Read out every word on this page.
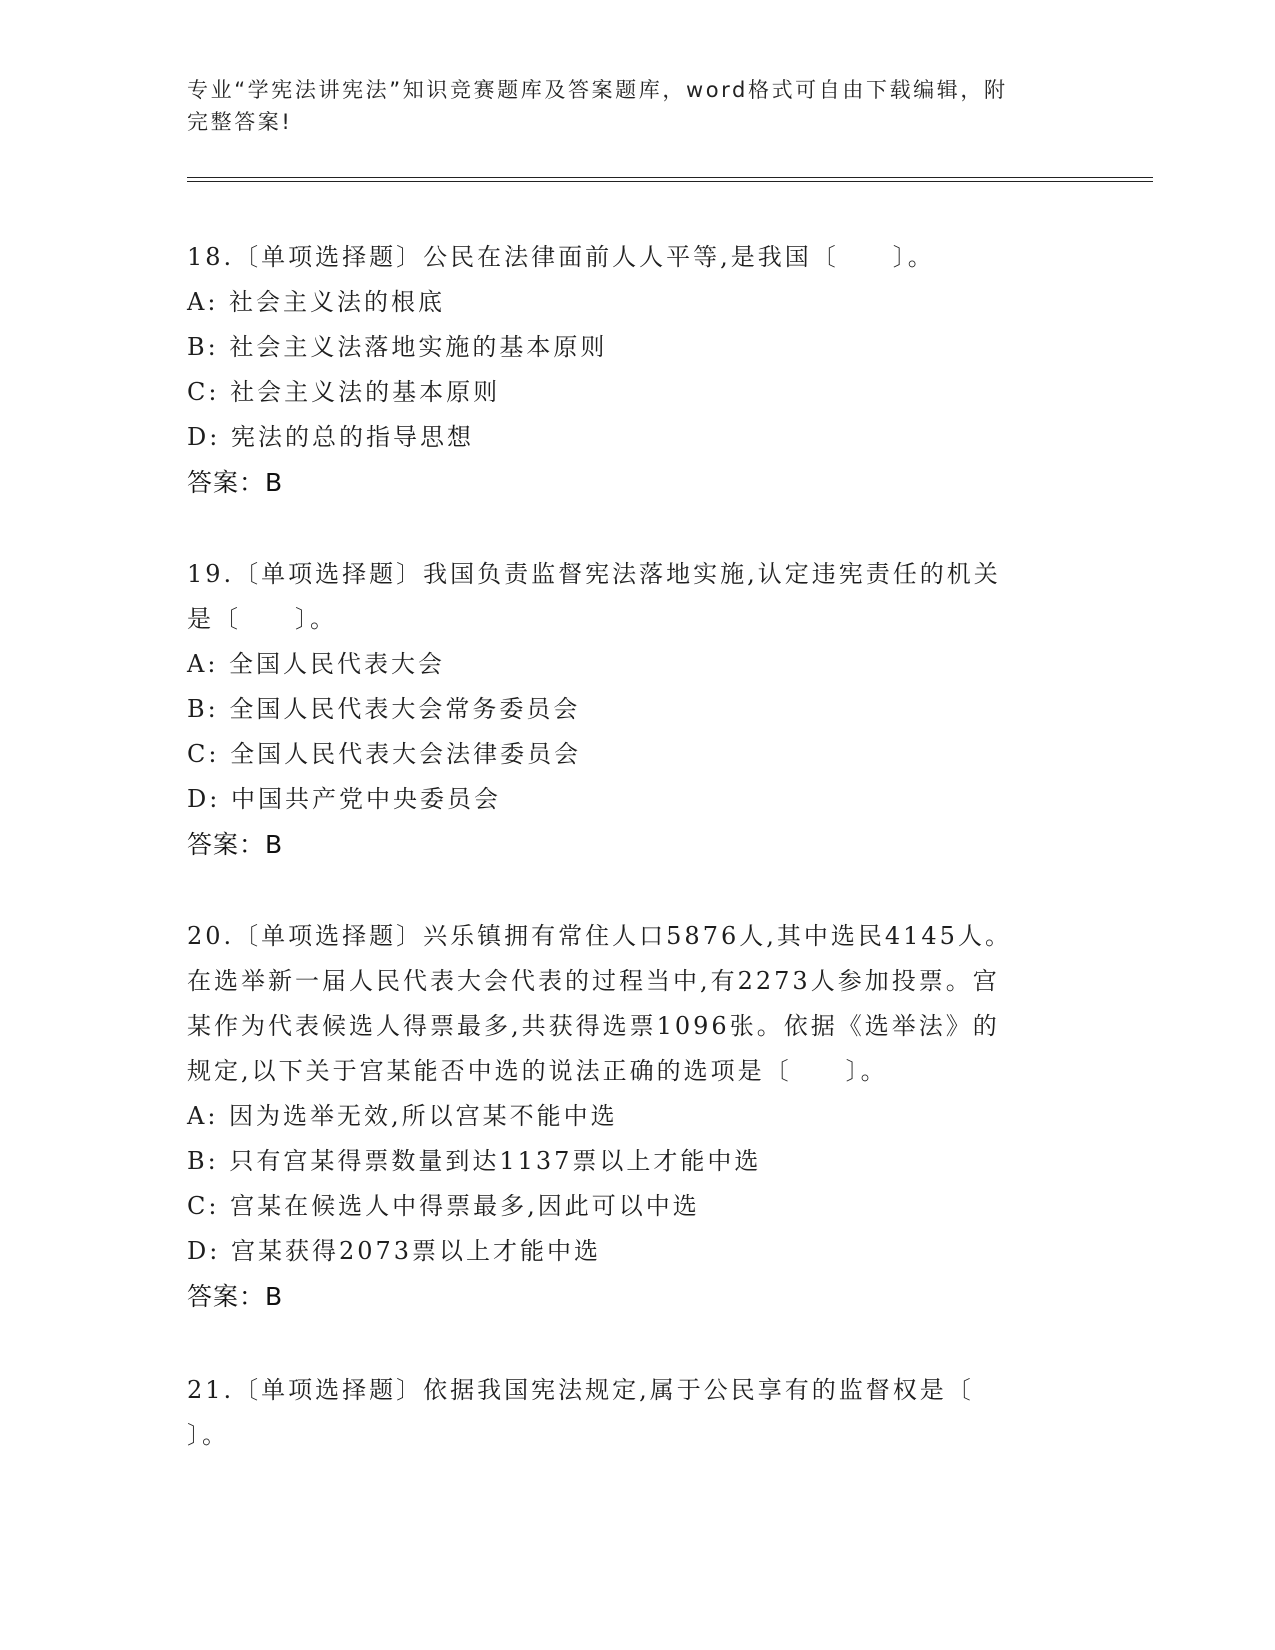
专业“学宪法讲宪法”知识竞赛题库及答案题库，word格式可自由下载编辑，附
完整答案!
18.〔单项选择题〕公民在法律面前人人平等,是我国〔　　〕。
A: 社会主义法的根底
B: 社会主义法落地实施的基本原则
C: 社会主义法的基本原则
D: 宪法的总的指导思想
答案：B
19.〔单项选择题〕我国负责监督宪法落地实施,认定违宪责任的机关
是〔　　〕。
A: 全国人民代表大会
B: 全国人民代表大会常务委员会
C: 全国人民代表大会法律委员会
D: 中国共产党中央委员会
答案：B
20.〔单项选择题〕兴乐镇拥有常住人口5876人,其中选民4145人。
在选举新一届人民代表大会代表的过程当中,有2273人参加投票。宫
某作为代表候选人得票最多,共获得选票1096张。依据《选举法》的
规定,以下关于宫某能否中选的说法正确的选项是〔　　〕。
A: 因为选举无效,所以宫某不能中选
B: 只有宫某得票数量到达1137票以上才能中选
C: 宫某在候选人中得票最多,因此可以中选
D: 宫某获得2073票以上才能中选
答案：B
21.〔单项选择题〕依据我国宪法规定,属于公民享有的监督权是〔
〕。
